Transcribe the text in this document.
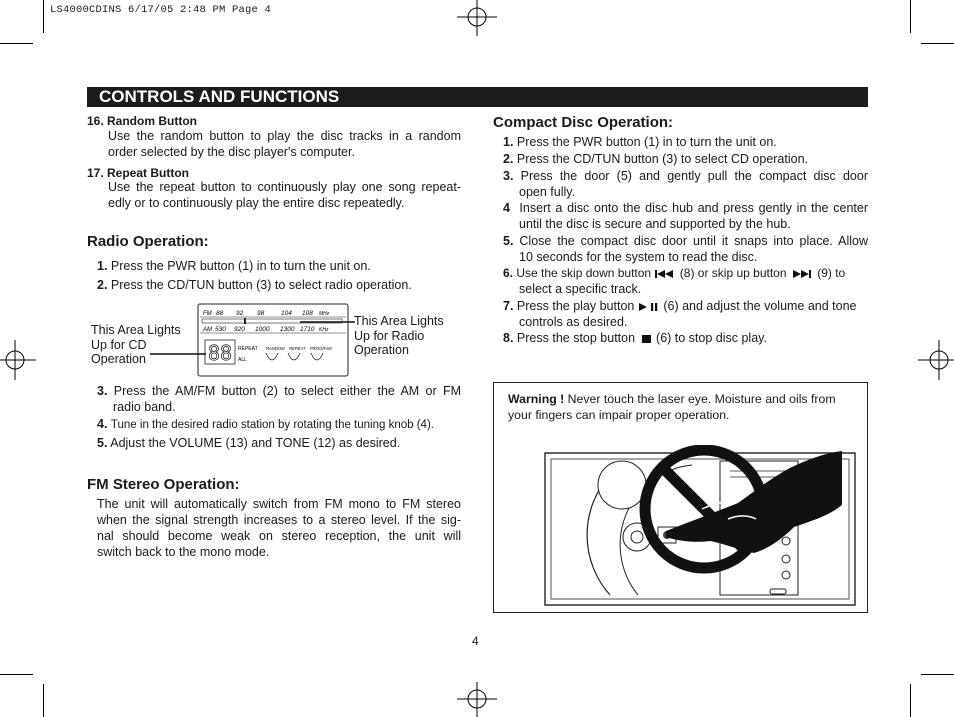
LS4000CDINS 6/17/05 2:48 PM Page 4
CONTROLS AND FUNCTIONS
16. Random Button
Use the random button to play the disc tracks in a random
order selected by the disc player's computer.
17. Repeat Button
Use the repeat button to continuously play one song repeat-
edly or to continuously play the entire disc repeatedly.
Radio Operation:
1. Press the PWR button (1) in to turn the unit on.
2. Press the CD/TUN button (3) to select radio operation.
This Area Lights
Up for CD
Operation
This Area Lights
Up for Radio
Operation
FM 88 92 98	104 108 MHz
AM 530 920 1000 1300 1710 KHz
88 REPEAT
ALL
RANDOM REPEAT PROGRAM
3. Press the AM/FM button (2) to select either the AM or FM
radio band.
4. Tune in the desired radio station by rotating the tuning knob (4).
5. Adjust the VOLUME (13) and TONE (12) as desired.
FM Stereo Operation:
The unit will automatically switch from FM mono to FM stereo
when the signal strength increases to a stereo level. If the sig-
nal should become weak on stereo reception, the unit will
switch back to the mono mode.
Compact Disc Operation:
1. Press the PWR button (1) in to turn the unit on.
2. Press the CD/TUN button (3) to select CD operation.
3. Press the door (5) and gently pull the compact disc door
open fully.
4 Insert a disc onto the disc hub and press gently in the center
until the disc is secure and supported by the hub.
5. Close the compact disc door until it snaps into place. Allow
10 seconds for the system to read the disc.
6. Use the skip down button (8) or skip up button	(9) to
select a specific track.
7. Press the play button (6) and adjust the volume and tone
controls as desired.
8. Press the stop button (6) to stop disc play.
Warning ! Never touch the laser eye. Moisture and oils from
your fingers can impair proper operation.
4
